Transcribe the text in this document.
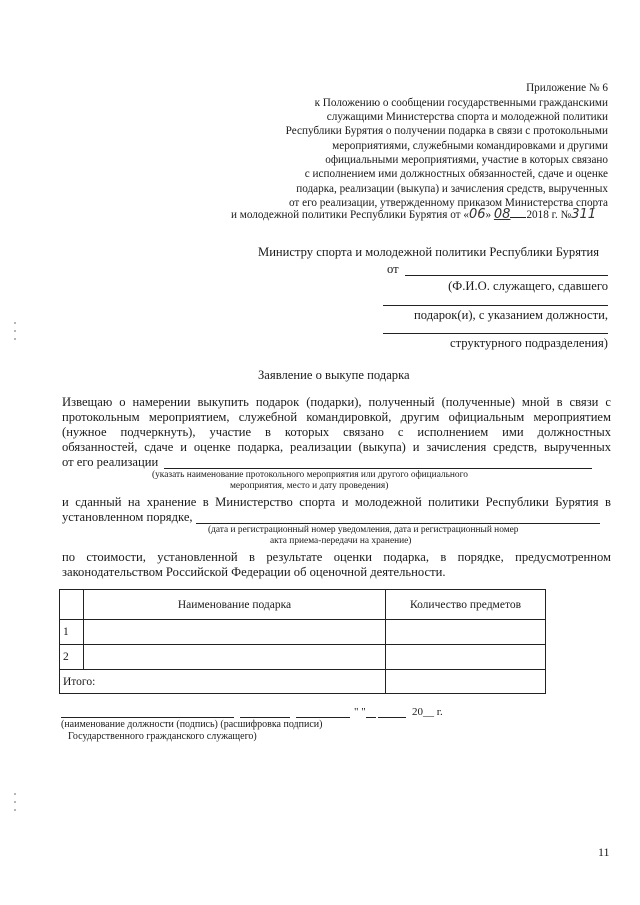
Приложение № 6
к Положению о сообщении государственными гражданскими
служащими Министерства спорта и молодежной политики
Республики Бурятия о получении подарка в связи с протокольными
мероприятиями, служебными командировками и другими
официальными мероприятиями, участие в которых связано
с исполнением ими должностных обязанностей, сдаче и оценке
подарка, реализации (выкупа) и зачисления средств, вырученных
от его реализации, утвержденному приказом Министерства спорта
и молодежной политики Республики Бурятия от «06» 08 2018 г. №311
Министру спорта и молодежной политики Республики Бурятия
от
(Ф.И.О. служащего, сдавшего
подарок(и), с указанием должности,
структурного подразделения)
Заявление о выкупе подарка
Извещаю о намерении выкупить подарок (подарки), полученный (полученные) мной в связи с
протокольным мероприятием, служебной командировкой, другим официальным мероприятием
(нужное подчеркнуть), участие в которых связано с исполнением ими должностных
обязанностей, сдаче и оценке подарка, реализации (выкупа) и зачисления средств, вырученных
от его реализации
(указать наименование протокольного мероприятия или другого официального
мероприятия, место и дату проведения)
и сданный на хранение в Министерство спорта и молодежной политики Республики Бурятия в
установленном порядке,
(дата и регистрационный номер уведомления, дата и регистрационный номер
акта приема-передачи на хранение)
по стоимости, установленной в результате оценки подарка, в порядке, предусмотренном
законодательством Российской Федерации об оценочной деятельности.
	Наименование подарка	Количество предметов
1		
2		
Итого:		
" "	20__ г.
(наименование должности (подпись) (расшифровка подписи)
Государственного гражданского служащего)
11
